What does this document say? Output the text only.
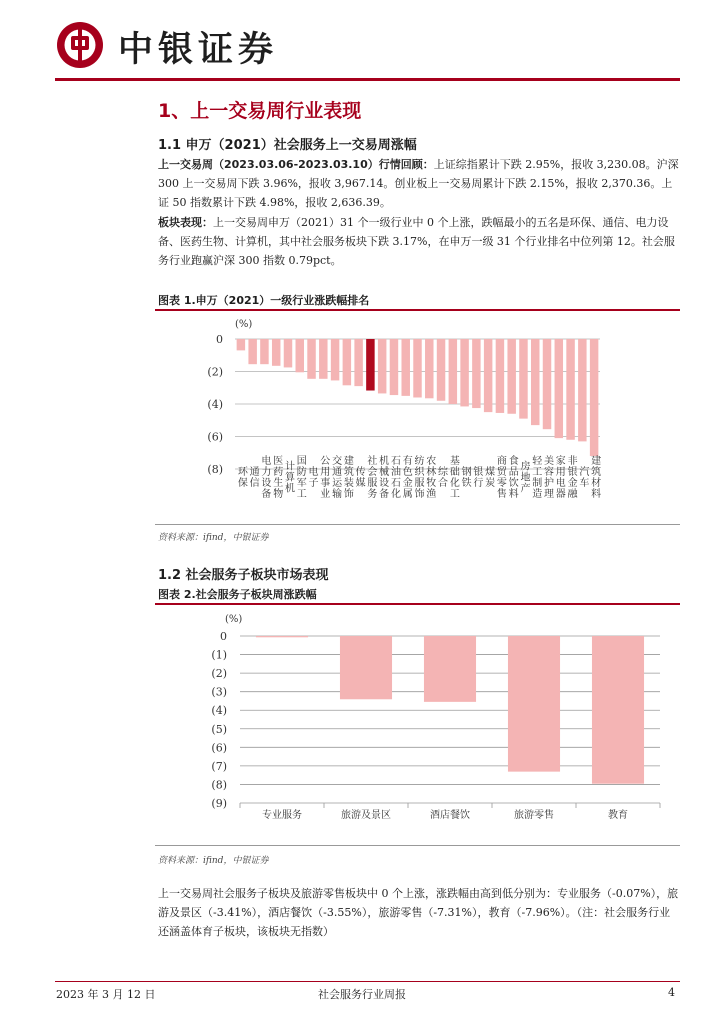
中银证券
1、上一交易周行业表现
1.1 申万（2021）社会服务上一交易周涨幅
上一交易周（2023.03.06-2023.03.10）行情回顾：上证综指累计下跌 2.95%，报收 3,230.08。沪深 300 上一交易周下跌 3.96%，报收 3,967.14。创业板上一交易周累计下跌 2.15%，报收 2,370.36。上证 50 指数累计下跌 4.98%，报收 2,636.39。
板块表现：上一交易周申万（2021）31 个一级行业中 0 个上涨，跌幅最小的五名是环保、通信、电力设备、医药生物、计算机，其中社会服务板块下跌 3.17%，在申万一级 31 个行业排名中位列第 12。社会服务行业跑赢沪深 300 指数 0.79pct。
图表 1.申万（2021）一级行业涨跌幅排名
(%)
0
(2)
(4)
(6)
(8) 环保 通信 电力设备 医药生物 计算机 国防军工 电子 公用事业 交通运输 建筑装饰 传媒 社会服务 机械设备 石油石化 有色金属 纺织服饰 农林牧渔 综合 基础化工 钢铁 银行 煤炭 商贸零售 食品饮料 房地产 轻工制造 美容护理 家用电器 非银金融 汽车 建筑材料
资料来源：ifind，中银证券
1.2 社会服务子板块市场表现
图表 2.社会服务子板块周涨跌幅
(%)
0
(1)
(2)
(3)
(4)
(5)
(6)
(7)
(8)
(9)
专业服务	旅游及景区	酒店餐饮	旅游零售	教育
资料来源：ifind，中银证券
上一交易周社会服务子板块及旅游零售板块中 0 个上涨，涨跌幅由高到低分别为：专业服务（-0.07%），旅游及景区（-3.41%），酒店餐饮（-3.55%），旅游零售（-7.31%），教育（-7.96%）。（注：社会服务行业还涵盖体育子板块，该板块无指数）
2023 年 3 月 12 日	社会服务行业周报	4
